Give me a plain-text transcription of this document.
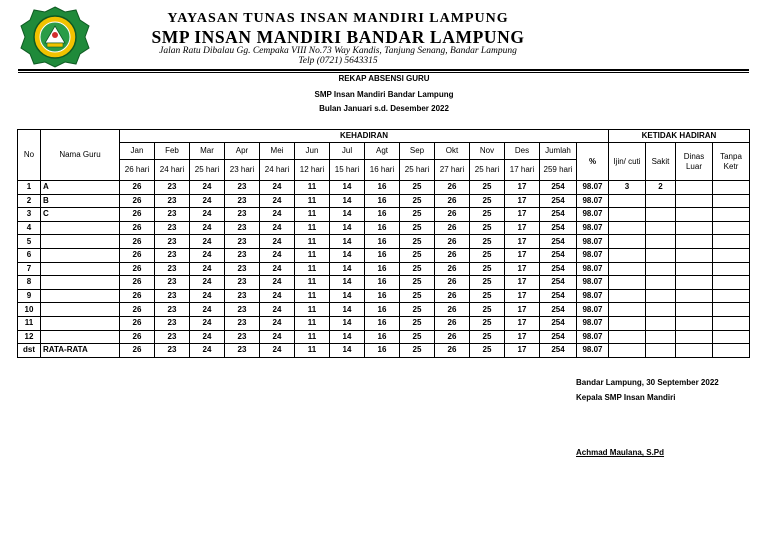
YAYASAN TUNAS INSAN MANDIRI LAMPUNG
SMP INSAN MANDIRI BANDAR LAMPUNG
Jalan Ratu Dibalau Gg. Cempaka VIII No.73 Way Kandis, Tanjung Senang, Bandar Lampung
Telp (0721) 5643315
REKAP ABSENSI GURU
SMP Insan Mandiri Bandar Lampung
Bulan Januari s.d. Desember 2022
No	Nama Guru	KEHADIRAN														KETIDAK HADIRAN			
		Jan	Feb	Mar	Apr	Mei	Jun	Jul	Agt	Sep	Okt	Nov	Des	Jumlah	%	Ijin/ cuti	Sakit	Dinas Luar	Tanpa Ketr
		26 hari	24 hari	25 hari	23 hari	24 hari	12 hari	15 hari	16 hari	25 hari	27 hari	25 hari	17 hari	259 hari					
1	A	26	23	24	23	24	11	14	16	25	26	25	17	254	98.07	3	2		
2	B	26	23	24	23	24	11	14	16	25	26	25	17	254	98.07				
3	C	26	23	24	23	24	11	14	16	25	26	25	17	254	98.07				
4		26	23	24	23	24	11	14	16	25	26	25	17	254	98.07				
5		26	23	24	23	24	11	14	16	25	26	25	17	254	98.07				
6		26	23	24	23	24	11	14	16	25	26	25	17	254	98.07				
7		26	23	24	23	24	11	14	16	25	26	25	17	254	98.07				
8		26	23	24	23	24	11	14	16	25	26	25	17	254	98.07				
9		26	23	24	23	24	11	14	16	25	26	25	17	254	98.07				
10		26	23	24	23	24	11	14	16	25	26	25	17	254	98.07				
11		26	23	24	23	24	11	14	16	25	26	25	17	254	98.07				
12		26	23	24	23	24	11	14	16	25	26	25	17	254	98.07				
dst	RATA-RATA	26	23	24	23	24	11	14	16	25	26	25	17	254	98.07				
Bandar Lampung, 30 September 2022
Kepala SMP Insan Mandiri
Achmad Maulana, S.Pd
